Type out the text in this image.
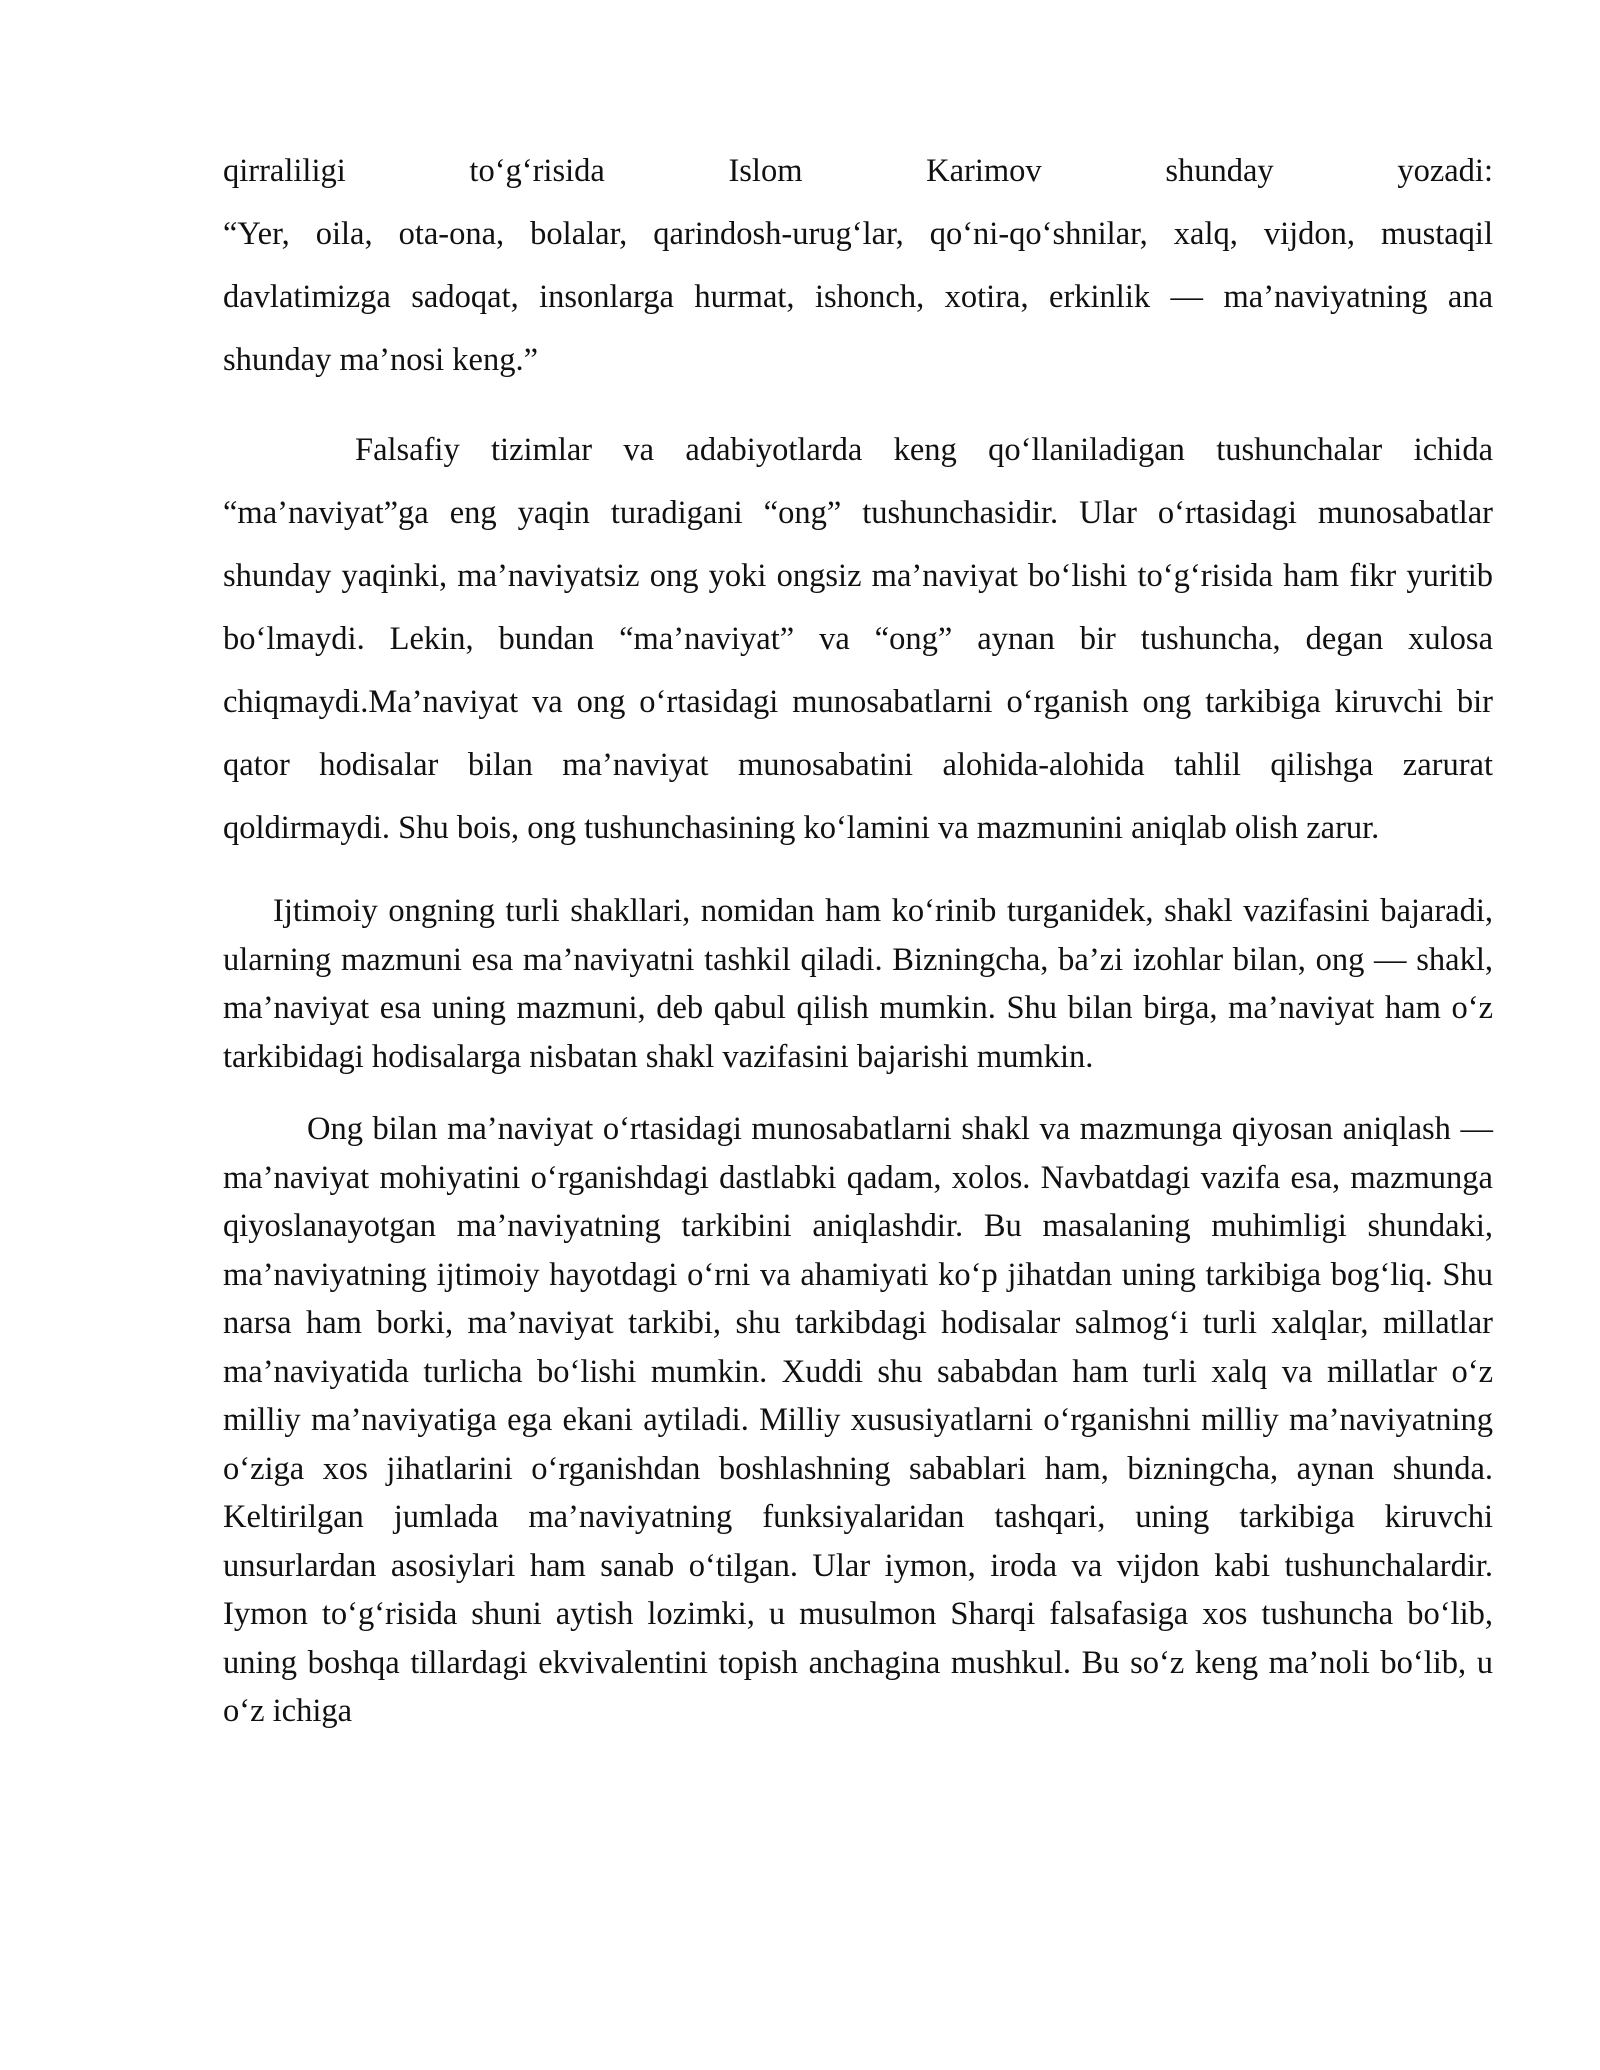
qirraliligi to‘g‘risida Islom Karimov shunday yozadi:
“Yer, oila, ota-ona, bolalar, qarindosh-urug‘lar, qo‘ni-qo‘shnilar, xalq, vijdon, mustaqil davlatimizga sadoqat, insonlarga hurmat, ishonch, xotira, erkinlik — ma’naviyatning ana shunday ma’nosi keng.”

Falsafiy tizimlar va adabiyotlarda keng qo‘llaniladigan tushunchalar ichida “ma’naviyat”ga eng yaqin turadigani “ong” tushunchasidir. Ular o‘rtasidagi munosabatlar shunday yaqinki, ma’naviyatsiz ong yoki ongsiz ma’naviyat bo‘lishi to‘g‘risida ham fikr yuritib bo‘lmaydi. Lekin, bundan “ma’naviyat” va “ong” aynan bir tushuncha, degan xulosa chiqmaydi.Ma’naviyat va ong o‘rtasidagi munosabatlarni o‘rganish ong tarkibiga kiruvchi bir qator hodisalar bilan ma’naviyat munosabatini alohida-alohida tahlil qilishga zarurat qoldirmaydi. Shu bois, ong tushunchasining ko‘lamini va mazmunini aniqlab olish zarur.

Ijtimoiy ongning turli shakllari, nomidan ham ko‘rinib turganidek, shakl vazifasini bajaradi, ularning mazmuni esa ma’naviyatni tashkil qiladi. Bizningcha, ba’zi izohlar bilan, ong — shakl, ma’naviyat esa uning mazmuni, deb qabul qilish mumkin. Shu bilan birga, ma’naviyat ham o‘z tarkibidagi hodisalarga nisbatan shakl vazifasini bajarishi mumkin.

Ong bilan ma’naviyat o‘rtasidagi munosabatlarni shakl va mazmunga qiyosan aniqlash — ma’naviyat mohiyatini o‘rganishdagi dastlabki qadam, xolos. Navbatdagi vazifa esa, mazmunga qiyoslanayotgan ma’naviyatning tarkibini aniqlashdir. Bu masalaning muhimligi shundaki, ma’naviyatning ijtimoiy hayotdagi o‘rni va ahamiyati ko‘p jihatdan uning tarkibiga bog‘liq. Shu narsa ham borki, ma’naviyat tarkibi, shu tarkibdagi hodisalar salmog‘i turli xalqlar, millatlar ma’naviyatida turlicha bo‘lishi mumkin. Xuddi shu sababdan ham turli xalq va millatlar o‘z milliy ma’naviyatiga ega ekani aytiladi. Milliy xususiyatlarni o‘rganishni milliy ma’naviyatning o‘ziga xos jihatlarini o‘rganishdan boshlashning sabablari ham, bizningcha, aynan shunda. Keltirilgan jumlada ma’naviyatning funksiyalaridan tashqari, uning tarkibiga kiruvchi unsurlardan asosiylari ham sanab o‘tilgan. Ular iymon, iroda va vijdon kabi tushunchalardir. Iymon to‘g‘risida shuni aytish lozimki, u musulmon Sharqi falsafasiga xos tushuncha bo‘lib, uning boshqa tillardagi ekvivalentini topish anchagina mushkul. Bu so‘z keng ma’noli bo‘lib, u o‘z ichiga
